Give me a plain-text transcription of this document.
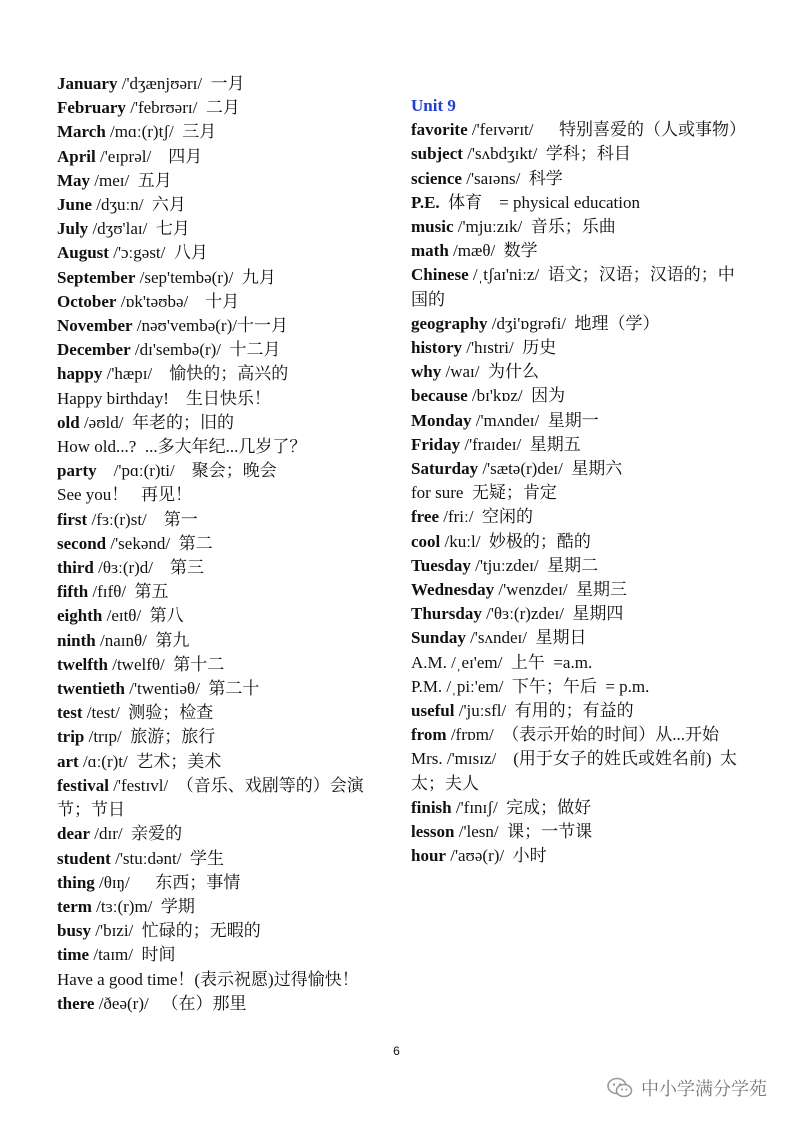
January /'dʒænjʊərɪ/  一月
February /'febrʊərɪ/  二月
March /mɑː(r)tʃ/  三月
April /'eɪprəl/    四月
May /meɪ/  五月
June /dʒuːn/  六月
July /dʒʊ'laɪ/  七月
August /'ɔːgəst/  八月
September /sep'tembə(r)/  九月
October /ɒk'təʊbə/    十月
November /nəʊ'vembə(r)/十一月
December /dɪ'sembə(r)/  十二月
happy /'hæpɪ/    愉快的；高兴的
Happy birthday!    生日快乐！
old /əʊld/  年老的；旧的
How old...?  ...多大年纪...几岁了？
party    /'pɑː(r)ti/    聚会；晚会
See you！   再见！
first /fɜː(r)st/    第一
second /'sekənd/  第二
third /θɜː(r)d/    第三
fifth /fɪfθ/  第五
eighth /eɪtθ/  第八
ninth /naɪnθ/  第九
twelfth /twelfθ/  第十二
twentieth /'twentiəθ/  第二十
test /test/  测验；检查
trip /trɪp/  旅游；旅行
art /ɑː(r)t/  艺术；美术
festival /'festɪvl/  （音乐、戏剧等的）会演节；节日
dear /dɪr/  亲爱的
student /'stuːdənt/  学生
thing /θɪŋ/      东西；事情
term /tɜː(r)m/  学期
busy /'bɪzi/  忙碌的；无暇的
time /taɪm/  时间
Have a good time！(表示祝愿)过得愉快！
there /ðeə(r)/   （在）那里
Unit 9
favorite /'feɪvərɪt/      特别喜爱的（人或事物）
subject /'sʌbdʒɪkt/  学科；科目
science /'saɪəns/  科学
P.E.  体育    = physical education
music /'mjuːzɪk/  音乐；乐曲
math /mæθ/  数学
Chinese /ˌtʃaɪ'niːz/  语文；汉语；汉语的；中国的
geography /dʒi'ɒgrəfi/  地理（学）
history /'hɪstri/  历史
why /waɪ/  为什么
because /bɪ'kɒz/  因为
Monday /'mʌndeɪ/  星期一
Friday /'fraɪdeɪ/  星期五
Saturday /'sætə(r)deɪ/  星期六
for sure  无疑；肯定
free /friː/  空闲的
cool /kuːl/  妙极的；酷的
Tuesday /'tjuːzdeɪ/  星期二
Wednesday /'wenzdeɪ/  星期三
Thursday /'θɜː(r)zdeɪ/  星期四
Sunday /'sʌndeɪ/  星期日
A.M. /ˌeɪ'em/  上午  =a.m.
P.M. /ˌpiː'em/  下午；午后  = p.m.
useful /'juːsfl/  有用的；有益的
from /frɒm/  （表示开始的时间）从...开始
Mrs. /'mɪsɪz/    (用于女子的姓氏或姓名前)  太太；夫人
finish /'fɪnɪʃ/  完成；做好
lesson /'lesn/  课；一节课
hour /'aʊə(r)/  小时
6
中小学满分学苑
